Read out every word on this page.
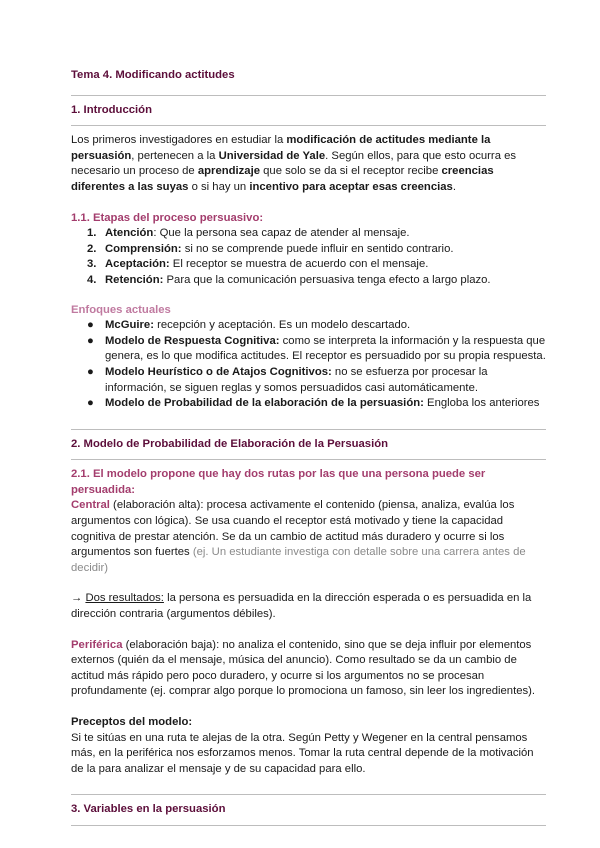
Tema 4. Modificando actitudes

1. Introducción

Los primeros investigadores en estudiar la modificación de actitudes mediante la persuasión, pertenecen a la Universidad de Yale. Según ellos, para que esto ocurra es necesario un proceso de aprendizaje que solo se da si el receptor recibe creencias diferentes a las suyas o si hay un incentivo para aceptar esas creencias.

1.1. Etapas del proceso persuasivo:

1. Atención: Que la persona sea capaz de atender al mensaje.
2. Comprensión: si no se comprende puede influir en sentido contrario.
3. Aceptación: El receptor se muestra de acuerdo con el mensaje.
4. Retención: Para que la comunicación persuasiva tenga efecto a largo plazo.

Enfoques actuales

● McGuire: recepción y aceptación. Es un modelo descartado.
● Modelo de Respuesta Cognitiva: como se interpreta la información y la respuesta que genera, es lo que modifica actitudes. El receptor es persuadido por su propia respuesta.
● Modelo Heurístico o de Atajos Cognitivos: no se esfuerza por procesar la información, se siguen reglas y somos persuadidos casi automáticamente.
● Modelo de Probabilidad de la elaboración de la persuasión: Engloba los anteriores

2. Modelo de Probabilidad de Elaboración de la Persuasión

2.1. El modelo propone que hay dos rutas por las que una persona puede ser persuadida:

Central (elaboración alta): procesa activamente el contenido (piensa, analiza, evalúa los argumentos con lógica). Se usa cuando el receptor está motivado y tiene la capacidad cognitiva de prestar atención. Se da un cambio de actitud más duradero y ocurre si los argumentos son fuertes (ej. Un estudiante investiga con detalle sobre una carrera antes de decidir)

→ Dos resultados: la persona es persuadida en la dirección esperada o es persuadida en la dirección contraria (argumentos débiles).

Periférica (elaboración baja): no analiza el contenido, sino que se deja influir por elementos externos (quién da el mensaje, música del anuncio). Como resultado se da un cambio de actitud más rápido pero poco duradero, y ocurre si los argumentos no se procesan profundamente (ej. comprar algo porque lo promociona un famoso, sin leer los ingredientes).

Preceptos del modelo:

Si te sitúas en una ruta te alejas de la otra. Según Petty y Wegener en la central pensamos más, en la periférica nos esforzamos menos. Tomar la ruta central depende de la motivación de la para analizar el mensaje y de su capacidad para ello.

3. Variables en la persuasión
